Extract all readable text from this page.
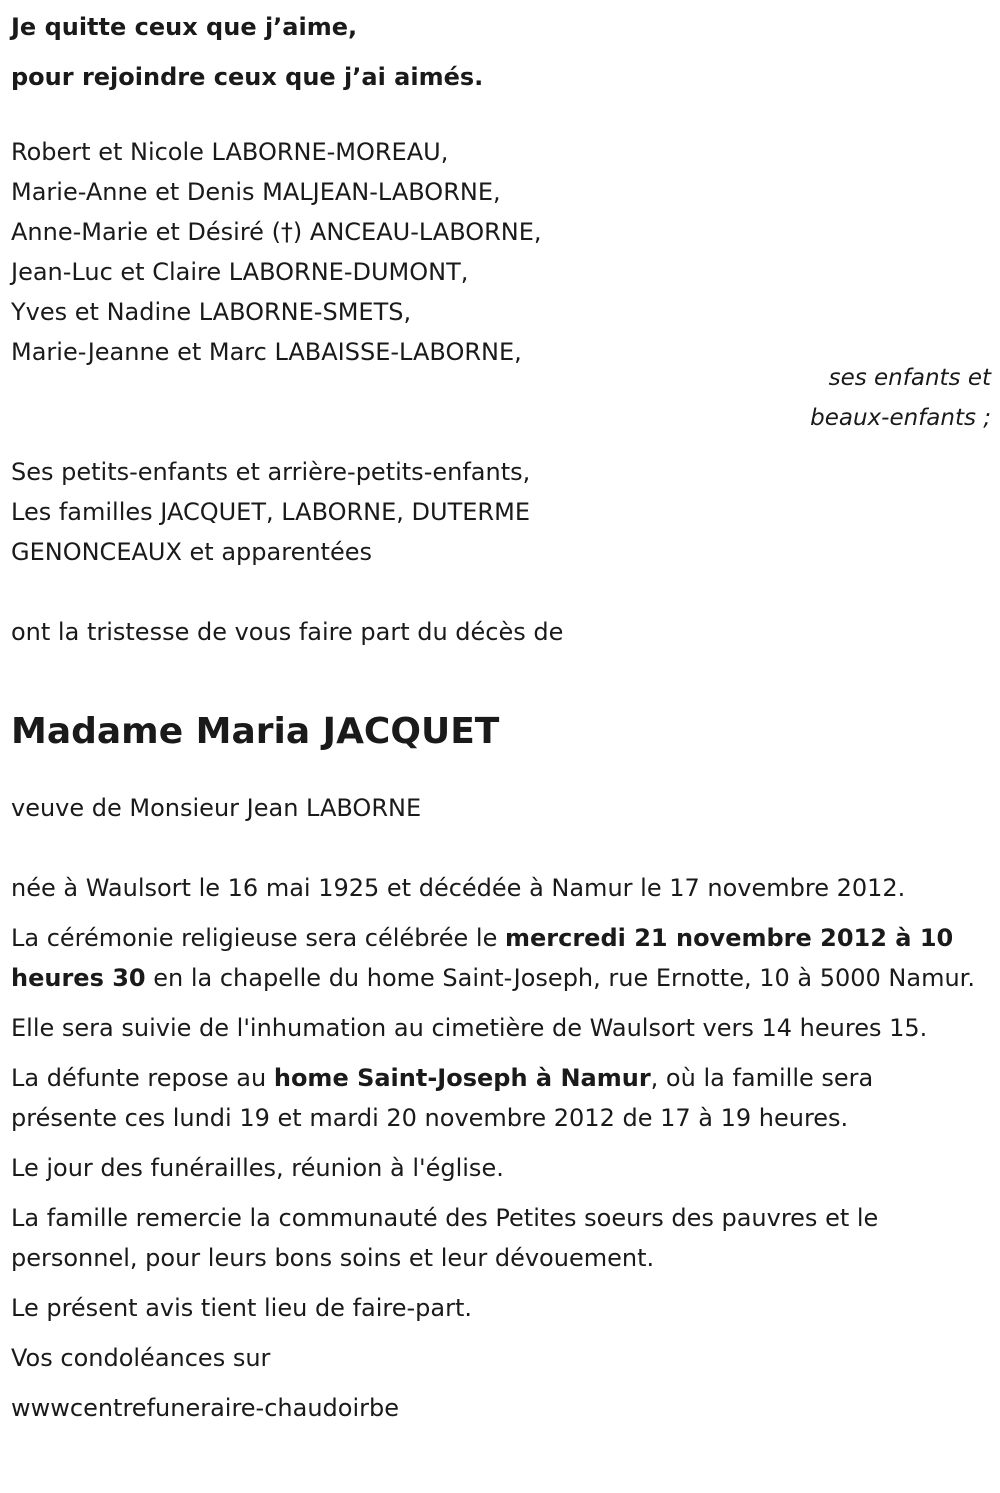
Je quitte ceux que j’aime,
pour rejoindre ceux que j’ai aimés.
Robert et Nicole LABORNE-MOREAU,
Marie-Anne et Denis MALJEAN-LABORNE,
Anne-Marie et Désiré (†) ANCEAU-LABORNE,
Jean-Luc et Claire LABORNE-DUMONT,
Yves et Nadine LABORNE-SMETS,
Marie-Jeanne et Marc LABAISSE-LABORNE,
Ses petits-enfants et arrière-petits-enfants,
Les familles JACQUET, LABORNE, DUTERME
GENONCEAUX et apparentées
ont la tristesse de vous faire part du décès de
Madame Maria JACQUET
veuve de Monsieur Jean LABORNE
née à Waulsort le 16 mai 1925 et décédée à Namur le 17 novembre 2012.
La cérémonie religieuse sera célébrée le mercredi 21 novembre 2012 à 10 heures 30 en la chapelle du home Saint-Joseph, rue Ernotte, 10 à 5000 Namur.
Elle sera suivie de l'inhumation au cimetière de Waulsort vers 14 heures 15.
La défunte repose au home Saint-Joseph à Namur, où la famille sera présente ces lundi 19 et mardi 20 novembre 2012 de 17 à 19 heures.
Le jour des funérailles, réunion à l'église.
La famille remercie la communauté des Petites soeurs des pauvres et le personnel, pour leurs bons soins et leur dévouement.
Le présent avis tient lieu de faire-part.
Vos condoléances sur
wwwcentrefuneraire-chaudoirbe
ses enfants et
beaux-enfants ;
